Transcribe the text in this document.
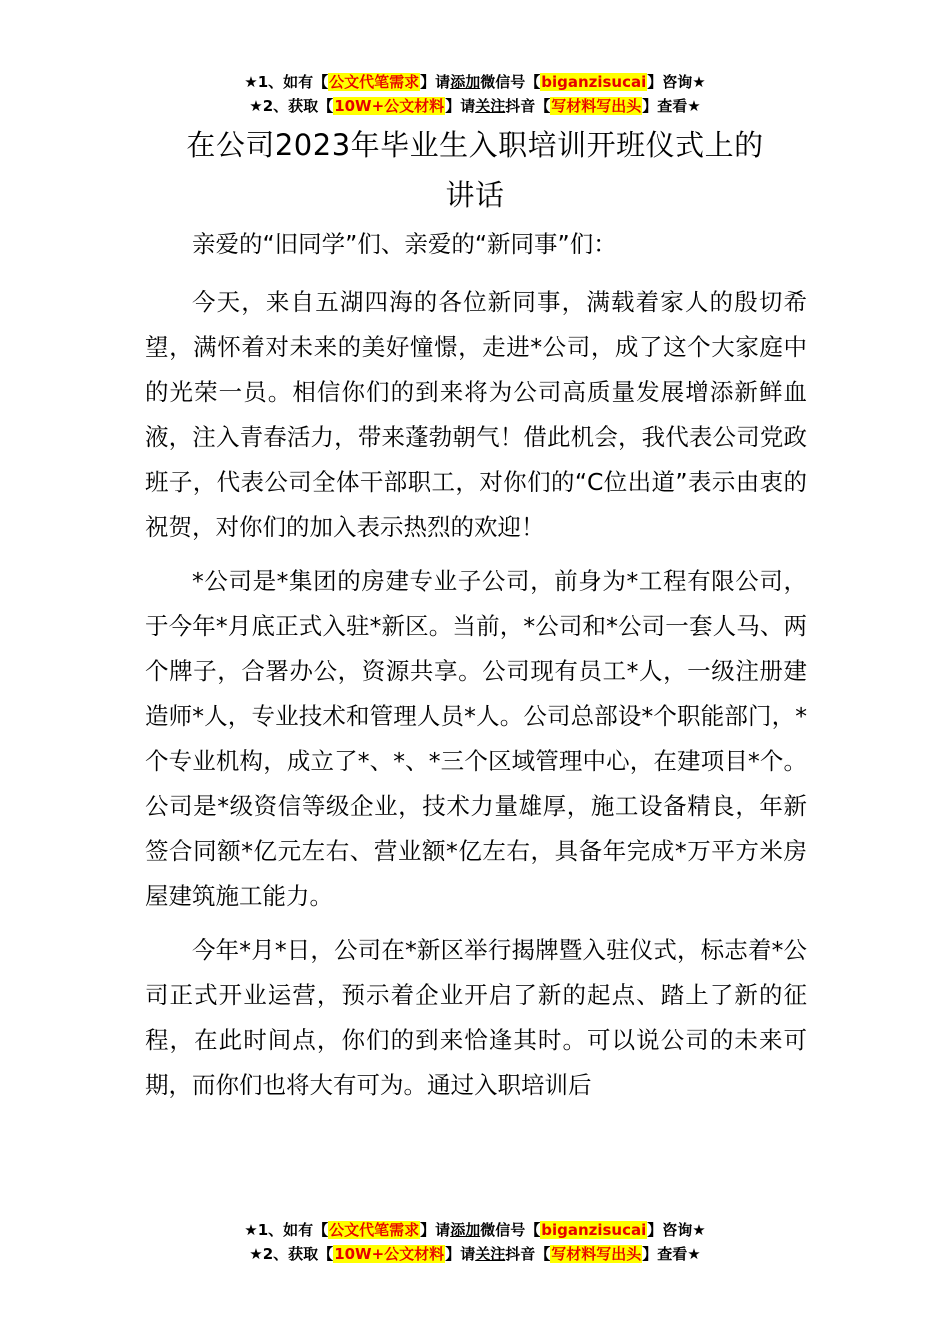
★1、如有【公文代笔需求】请添加微信号【biganzisucai】咨询★
★2、获取【10W+公文材料】请关注抖音【写材料写出头】查看★
在公司2023年毕业生入职培训开班仪式上的
讲话

亲爱的“旧同学”们、亲爱的“新同事”们：

今天，来自五湖四海的各位新同事，满载着家人的殷切希望，满怀着对未来的美好憧憬，走进*公司，成了这个大家庭中的光荣一员。相信你们的到来将为公司高质量发展增添新鲜血液，注入青春活力，带来蓬勃朝气！借此机会，我代表公司党政班子，代表公司全体干部职工，对你们的“C位出道”表示由衷的祝贺，对你们的加入表示热烈的欢迎！

*公司是*集团的房建专业子公司，前身为*工程有限公司，于今年*月底正式入驻*新区。当前，*公司和*公司一套人马、两个牌子，合署办公，资源共享。公司现有员工*人，一级注册建造师*人，专业技术和管理人员*人。公司总部设*个职能部门，*个专业机构，成立了*、*、*三个区域管理中心，在建项目*个。公司是*级资信等级企业，技术力量雄厚，施工设备精良，年新签合同额*亿元左右、营业额*亿左右，具备年完成*万平方米房屋建筑施工能力。

今年*月*日，公司在*新区举行揭牌暨入驻仪式，标志着*公司正式开业运营，预示着企业开启了新的起点、踏上了新的征程，在此时间点，你们的到来恰逢其时。可以说公司的未来可期，而你们也将大有可为。通过入职培训后

★1、如有【公文代笔需求】请添加微信号【biganzisucai】咨询★
★2、获取【10W+公文材料】请关注抖音【写材料写出头】查看★
